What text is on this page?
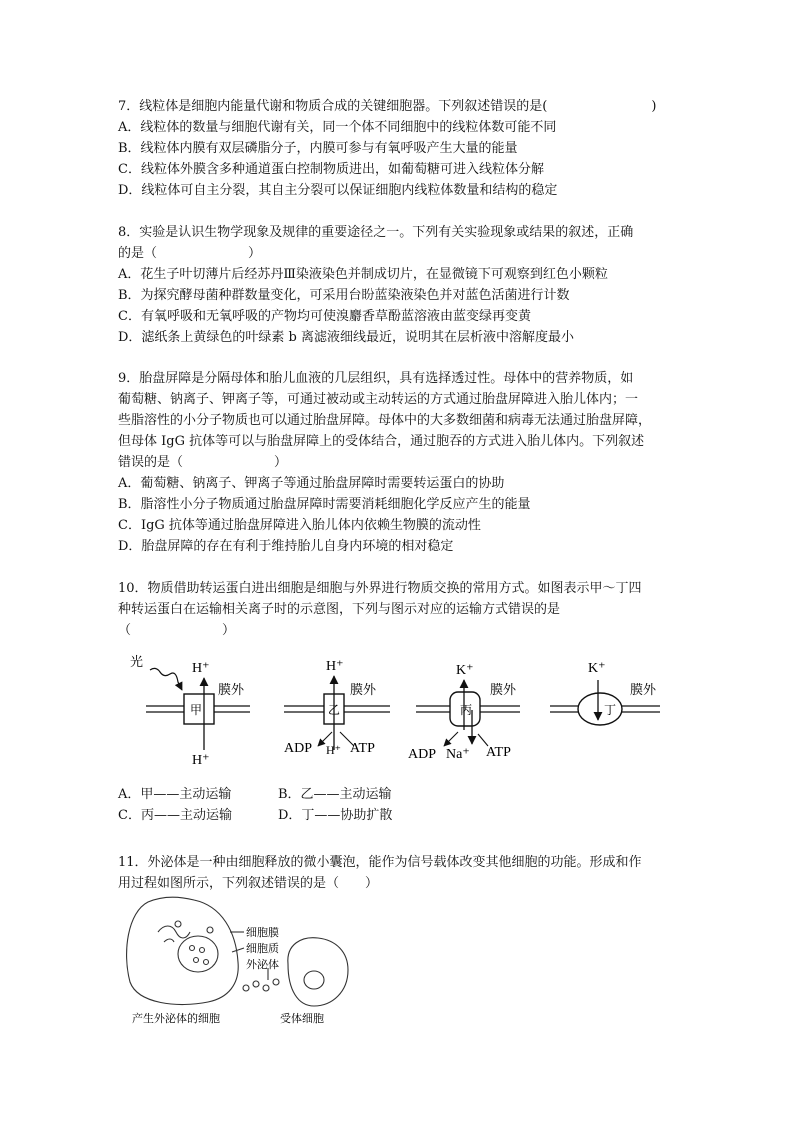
7．线粒体是细胞内能量代谢和物质合成的关键细胞器。下列叙述错误的是(　　　　　　　　)

A．线粒体的数量与细胞代谢有关，同一个体不同细胞中的线粒体数可能不同

B．线粒体内膜有双层磷脂分子，内膜可参与有氧呼吸产生大量的能量

C．线粒体外膜含多种通道蛋白控制物质进出，如葡萄糖可进入线粒体分解

D．线粒体可自主分裂，其自主分裂可以保证细胞内线粒体数量和结构的稳定

8．实验是认识生物学现象及规律的重要途径之一。下列有关实验现象或结果的叙述，正确

的是（　　　　　　　）

A．花生子叶切薄片后经苏丹Ⅲ染液染色并制成切片，在显微镜下可观察到红色小颗粒

B．为探究酵母菌种群数量变化，可采用台盼蓝染液染色并对蓝色活菌进行计数

C．有氧呼吸和无氧呼吸的产物均可使溴麝香草酚蓝溶液由蓝变绿再变黄

D．滤纸条上黄绿色的叶绿素 b 离滤液细线最近，说明其在层析液中溶解度最小

9．胎盘屏障是分隔母体和胎儿血液的几层组织，具有选择透过性。母体中的营养物质，如

葡萄糖、钠离子、钾离子等，可通过被动或主动转运的方式通过胎盘屏障进入胎儿体内；一

些脂溶性的小分子物质也可以通过胎盘屏障。母体中的大多数细菌和病毒无法通过胎盘屏障，

但母体 IgG 抗体等可以与胎盘屏障上的受体结合，通过胞吞的方式进入胎儿体内。下列叙述

错误的是（　　　　　　　）

A．葡萄糖、钠离子、钾离子等通过胎盘屏障时需要转运蛋白的协助

B．脂溶性小分子物质通过胎盘屏障时需要消耗细胞化学反应产生的能量

C．IgG 抗体等通过胎盘屏障进入胎儿体内依赖生物膜的流动性

D．胎盘屏障的存在有利于维持胎儿自身内环境的相对稳定

10．物质借助转运蛋白进出细胞是细胞与外界进行物质交换的常用方式。如图表示甲～丁四

种转运蛋白在运输相关离子时的示意图，下列与图示对应的运输方式错误的是

（　　　　　　　）

甲
光	H⁺
H⁺
膜外
乙
H⁺
膜外
ADP H⁺ ATP
丙
K⁺
膜外
ADP Na⁺ ATP
丁
K⁺
膜外

A．甲——主动运输	B．乙——主动运输

C．丙——主动运输	D．丁——协助扩散

11．外泌体是一种由细胞释放的微小囊泡，能作为信号载体改变其他细胞的功能。形成和作

用过程如图所示，下列叙述错误的是（　　）

细胞膜
细胞质
外泌体
产生外泌体的细胞	受体细胞
